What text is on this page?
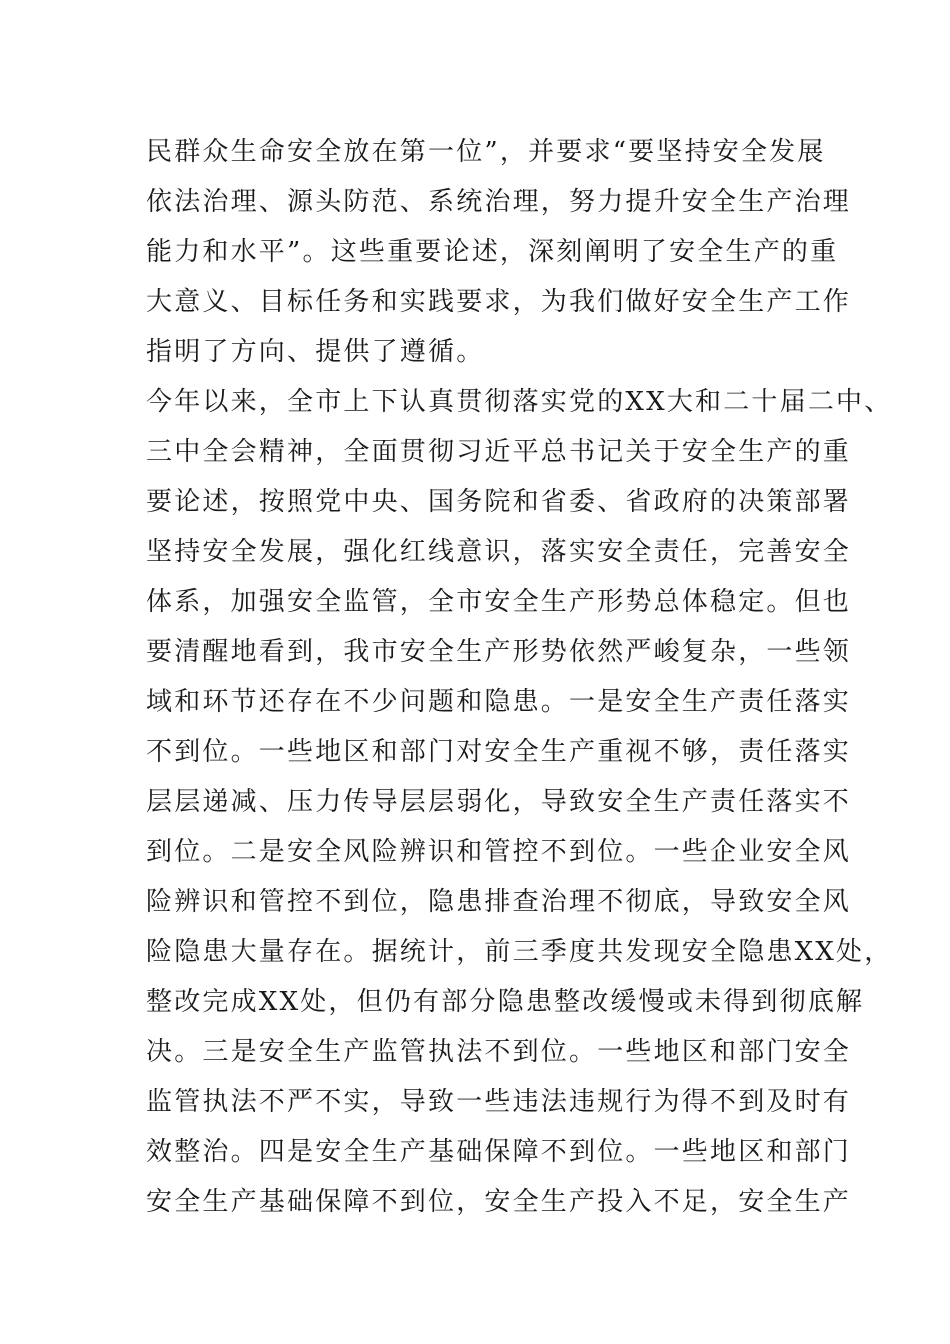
民群众生命安全放在第一位”，并要求“要坚持安全发展
依法治理、源头防范、系统治理，努力提升安全生产治理
能力和水平”。这些重要论述，深刻阐明了安全生产的重
大意义、目标任务和实践要求，为我们做好安全生产工作
指明了方向、提供了遵循。
今年以来，全市上下认真贯彻落实党的XX大和二十届二中、
三中全会精神，全面贯彻习近平总书记关于安全生产的重
要论述，按照党中央、国务院和省委、省政府的决策部署
坚持安全发展，强化红线意识，落实安全责任，完善安全
体系，加强安全监管，全市安全生产形势总体稳定。但也
要清醒地看到，我市安全生产形势依然严峻复杂，一些领
域和环节还存在不少问题和隐患。一是安全生产责任落实
不到位。一些地区和部门对安全生产重视不够，责任落实
层层递减、压力传导层层弱化，导致安全生产责任落实不
到位。二是安全风险辨识和管控不到位。一些企业安全风
险辨识和管控不到位，隐患排查治理不彻底，导致安全风
险隐患大量存在。据统计，前三季度共发现安全隐患XX处，
整改完成XX处，但仍有部分隐患整改缓慢或未得到彻底解
决。三是安全生产监管执法不到位。一些地区和部门安全
监管执法不严不实，导致一些违法违规行为得不到及时有
效整治。四是安全生产基础保障不到位。一些地区和部门
安全生产基础保障不到位，安全生产投入不足，安全生产
